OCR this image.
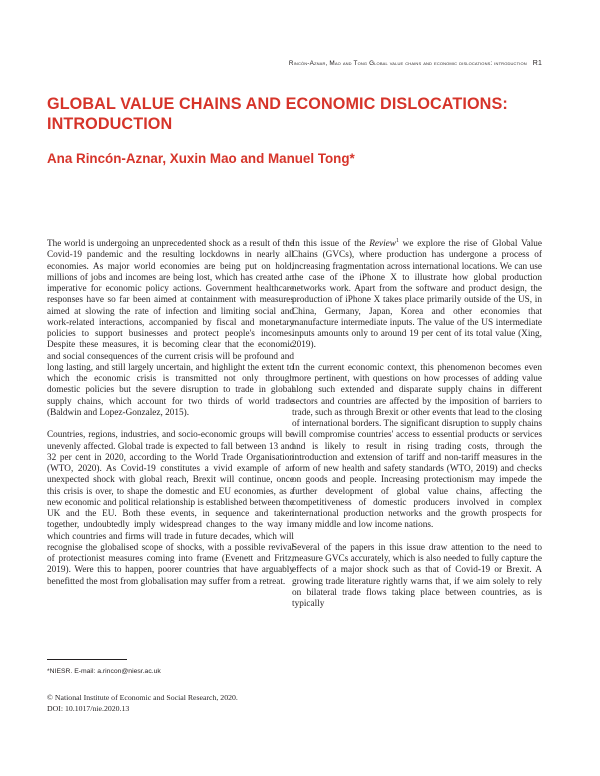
Rincón-Aznar, Mao and Tong Global value chains and economic dislocations: introduction R1
GLOBAL VALUE CHAINS AND ECONOMIC DISLOCATIONS:
INTRODUCTION

Ana Rincón-Aznar, Xuxin Mao and Manuel Tong*

The world is undergoing an unprecedented shock as a result of the Covid-19 pandemic and the resulting lockdowns in nearly all economies. As major world economies are being put on hold, millions of jobs and incomes are being lost, which has created an imperative for economic policy actions. Government healthcare responses have so far been aimed at containment with measures aimed at slowing the rate of infection and limiting social and work-related interactions, accompanied by fiscal and monetary policies to support businesses and protect people's incomes. Despite these measures, it is becoming clear that the economic and social consequences of the current crisis will be profound and long lasting, and still largely uncertain, and highlight the extent to which the economic crisis is transmitted not only through domestic policies but the severe disruption to trade in global supply chains, which account for two thirds of world trade (Baldwin and Lopez-Gonzalez, 2015).

Countries, regions, industries, and socio-economic groups will be unevenly affected. Global trade is expected to fall between 13 and 32 per cent in 2020, according to the World Trade Organisation (WTO, 2020). As Covid-19 constitutes a vivid example of an unexpected shock with global reach, Brexit will continue, once this crisis is over, to shape the domestic and EU economies, as a new economic and political relationship is established between the UK and the EU. Both these events, in sequence and taken together, undoubtedly imply widespread changes to the way in which countries and firms will trade in future decades, which will recognise the globalised scope of shocks, with a possible revival of protectionist measures coming into frame (Evenett and Fritz, 2019). Were this to happen, poorer countries that have arguably benefitted the most from globalisation may suffer from a retreat.

In this issue of the Review$^1$ we explore the rise of Global Value Chains (GVCs), where production has undergone a process of increasing fragmentation across international locations. We can use the case of the iPhone X to illustrate how global production networks work. Apart from the software and product design, the production of iPhone X takes place primarily outside of the US, in China, Germany, Japan, Korea and other economies that manufacture intermediate inputs. The value of the US intermediate inputs amounts only to around 19 per cent of its total value (Xing, 2019).

In the current economic context, this phenomenon becomes even more pertinent, with questions on how processes of adding value along such extended and disparate supply chains in different sectors and countries are affected by the imposition of barriers to trade, such as through Brexit or other events that lead to the closing of international borders. The significant disruption to supply chains will compromise countries' access to essential products or services and is likely to result in rising trading costs, through the introduction and extension of tariff and non-tariff measures in the form of new health and safety standards (WTO, 2019) and checks on goods and people. Increasing protectionism may impede the further development of global value chains, affecting the competitiveness of domestic producers involved in complex international production networks and the growth prospects for many middle and low income nations.

Several of the papers in this issue draw attention to the need to measure GVCs accurately, which is also needed to fully capture the effects of a major shock such as that of Covid-19 or Brexit. A growing trade literature rightly warns that, if we aim solely to rely on bilateral trade flows taking place between countries, as is typically

*NIESR. E-mail: a.rincon@niesr.ac.uk

© National Institute of Economic and Social Research, 2020.
DOI: 10.1017/nie.2020.13
